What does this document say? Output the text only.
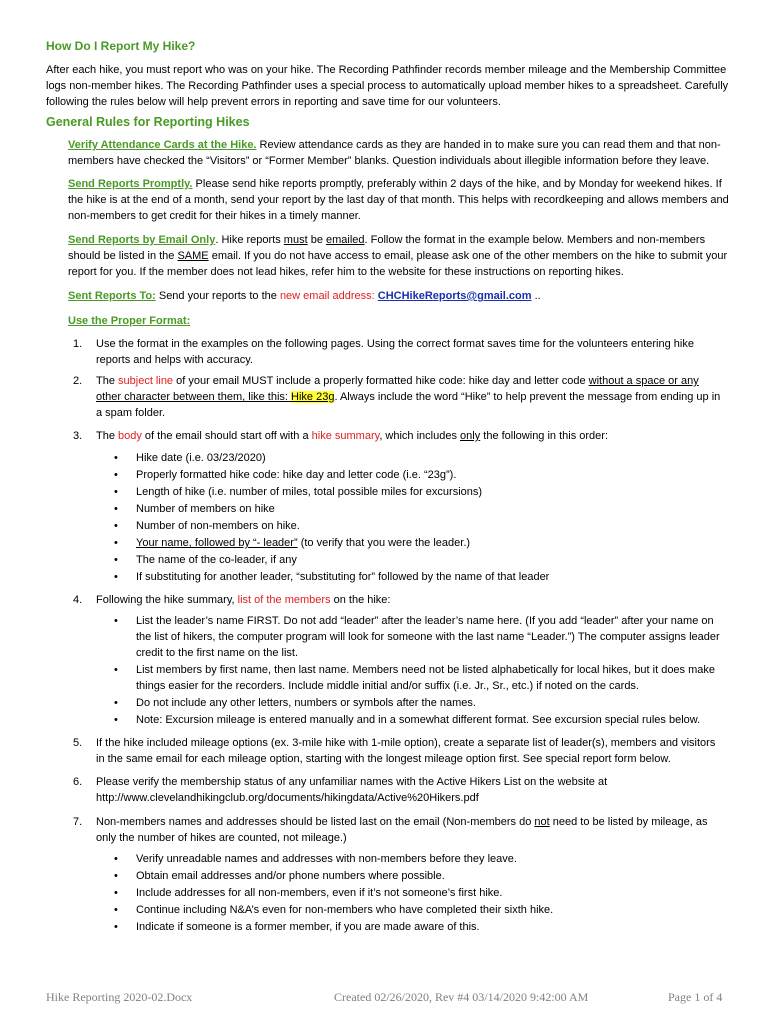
How Do I Report My Hike?
After each hike, you must report who was on your hike. The Recording Pathfinder records member mileage and the Membership Committee logs non-member hikes. The Recording Pathfinder uses a special process to automatically upload member hikes to a spreadsheet. Carefully following the rules below will help prevent errors in reporting and save time for our volunteers.
General Rules for Reporting Hikes
Verify Attendance Cards at the Hike. Review attendance cards as they are handed in to make sure you can read them and that non-members have checked the “Visitors” or “Former Member” blanks. Question individuals about illegible information before they leave.
Send Reports Promptly. Please send hike reports promptly, preferably within 2 days of the hike, and by Monday for weekend hikes. If the hike is at the end of a month, send your report by the last day of that month. This helps with recordkeeping and allows members and non-members to get credit for their hikes in a timely manner.
Send Reports by Email Only. Hike reports must be emailed. Follow the format in the example below. Members and non-members should be listed in the SAME email. If you do not have access to email, please ask one of the other members on the hike to submit your report for you. If the member does not lead hikes, refer him to the website for these instructions on reporting hikes.
Sent Reports To: Send your reports to the new email address: CHCHikeReports@gmail.com ..
Use the Proper Format:
1. Use the format in the examples on the following pages. Using the correct format saves time for the volunteers entering hike reports and helps with accuracy.
2. The subject line of your email MUST include a properly formatted hike code: hike day and letter code without a space or any other character between them, like this: Hike 23g. Always include the word “Hike” to help prevent the message from ending up in a spam folder.
3. The body of the email should start off with a hike summary, which includes only the following in this order:
• Hike date (i.e. 03/23/2020)
• Properly formatted hike code: hike day and letter code (i.e. “23g”).
• Length of hike (i.e. number of miles, total possible miles for excursions)
• Number of members on hike
• Number of non-members on hike.
• Your name, followed by “- leader” (to verify that you were the leader.)
• The name of the co-leader, if any
• If substituting for another leader, “substituting for” followed by the name of that leader
4. Following the hike summary, list of the members on the hike:
• List the leader’s name FIRST. Do not add “leader” after the leader’s name here. (If you add “leader” after your name on the list of hikers, the computer program will look for someone with the last name “Leader.”) The computer assigns leader credit to the first name on the list.
• List members by first name, then last name. Members need not be listed alphabetically for local hikes, but it does make things easier for the recorders. Include middle initial and/or suffix (i.e. Jr., Sr., etc.) if noted on the cards.
• Do not include any other letters, numbers or symbols after the names.
• Note: Excursion mileage is entered manually and in a somewhat different format. See excursion special rules below.
5. If the hike included mileage options (ex. 3-mile hike with 1-mile option), create a separate list of leader(s), members and visitors in the same email for each mileage option, starting with the longest mileage option first. See special report form below.
6. Please verify the membership status of any unfamiliar names with the Active Hikers List on the website at http://www.clevelandhikingclub.org/documents/hikingdata/Active%20Hikers.pdf
7. Non-members names and addresses should be listed last on the email (Non-members do not need to be listed by mileage, as only the number of hikes are counted, not mileage.)
• Verify unreadable names and addresses with non-members before they leave.
• Obtain email addresses and/or phone numbers where possible.
• Include addresses for all non-members, even if it’s not someone’s first hike.
• Continue including N&A’s even for non-members who have completed their sixth hike.
• Indicate if someone is a former member, if you are made aware of this.
Hike Reporting 2020-02.Docx	Created 02/26/2020, Rev #4 03/14/2020 9:42:00 AM	Page 1 of 4
